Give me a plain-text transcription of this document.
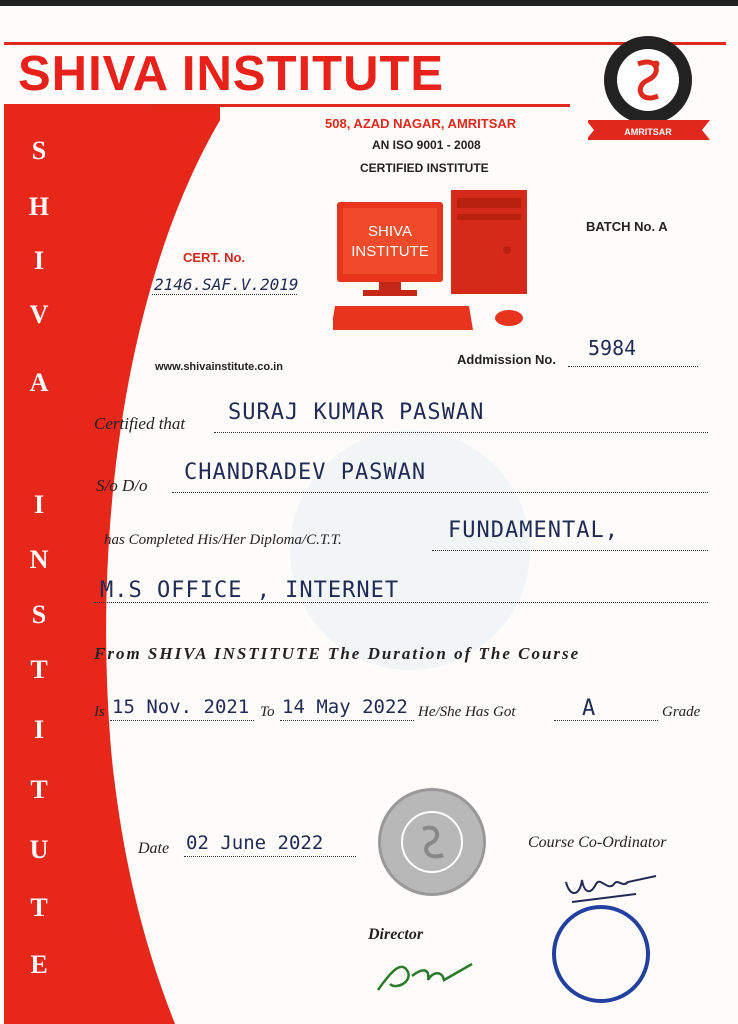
S
H
I
V
A
I
N
S
T
I
T
U
T
E
SHIVA INSTITUTE
AMRITSAR
508, AZAD NAGAR, AMRITSAR
AN ISO 9001 - 2008
CERTIFIED INSTITUTE
SHIVA
INSTITUTE
BATCH No. A
CERT. No.
2146.SAF.V.2019
www.shivainstitute.co.in	Addmission No. 5984
Certified that SURAJ KUMAR PASWAN
S/o D/o
CHANDRADEV PASWAN
has Completed His/Her Diploma/C.T.T.	FUNDAMENTAL,
M.S OFFICE , INTERNET
From SHIVA INSTITUTE The Duration of The Course
Is 15 Nov. 2021 To 14 May 2022 He/She Has Got	A	Grade
Date 02 June 2022
Director
Course Co-Ordinator
